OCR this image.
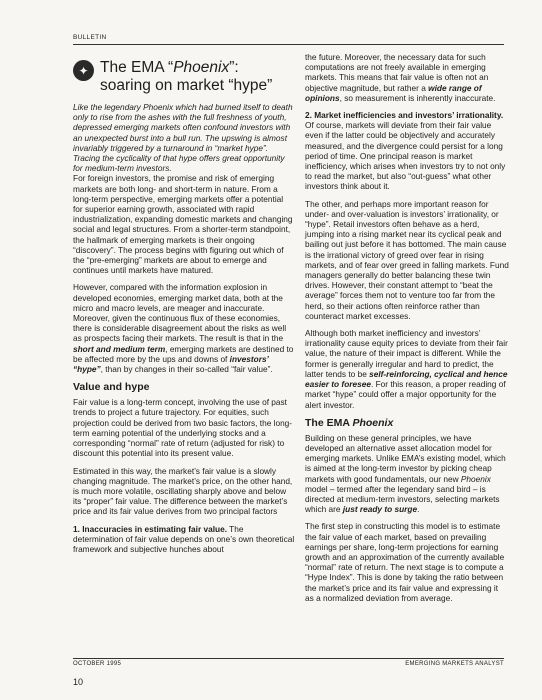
BULLETIN
✦ The EMA “Phoenix”:
soaring on market “hype”

Like the legendary Phoenix which had burned itself to death only to rise from the ashes with the full freshness of youth, depressed emerging markets often confound investors with an unexpected burst into a bull run. The upswing is almost invariably triggered by a turnaround in “market hype”. Tracing the cyclicality of that hype offers great opportunity for medium-term investors.

For foreign investors, the promise and risk of emerging markets are both long- and short-term in nature. From a long-term perspective, emerging markets offer a potential for superior earning growth, associated with rapid industrialization, expanding domestic markets and changing social and legal structures. From a shorter-term standpoint, the hallmark of emerging markets is their ongoing “discovery”. The process begins with figuring out which of the “pre-emerging” markets are about to emerge and continues until markets have matured.

However, compared with the information explosion in developed economies, emerging market data, both at the micro and macro levels, are meager and inaccurate. Moreover, given the continuous flux of these economies, there is considerable disagreement about the risks as well as prospects facing their markets. The result is that in the short and medium term, emerging markets are destined to be affected more by the ups and downs of investors’ “hype”, than by changes in their so-called “fair value”.

Value and hype

Fair value is a long-term concept, involving the use of past trends to project a future trajectory. For equities, such projection could be derived from two basic factors, the long-term earning potential of the underlying stocks and a corresponding “normal” rate of return (adjusted for risk) to discount this potential into its present value.

Estimated in this way, the market’s fair value is a slowly changing magnitude. The market’s price, on the other hand, is much more volatile, oscillating sharply above and below its “proper” fair value. The difference between the market’s price and its fair value derives from two principal factors

1. Inaccuracies in estimating fair value. The determination of fair value depends on one’s own theoretical framework and subjective hunches about

the future. Moreover, the necessary data for such computations are not freely available in emerging markets. This means that fair value is often not an objective magnitude, but rather a wide range of opinions, so measurement is inherently inaccurate.

2. Market inefficiencies and investors’ irrationality. Of course, markets will deviate from their fair value even if the latter could be objectively and accurately measured, and the divergence could persist for a long period of time. One principal reason is market inefficiency, which arises when investors try to not only to read the market, but also “out-guess” what other investors think about it.

The other, and perhaps more important reason for under- and over-valuation is investors’ irrationality, or “hype”. Retail investors often behave as a herd, jumping into a rising market near its cyclical peak and bailing out just before it has bottomed. The main cause is the irrational victory of greed over fear in rising markets, and of fear over greed in falling markets. Fund managers generally do better balancing these twin drives. However, their constant attempt to “beat the average” forces them not to venture too far from the herd, so their actions often reinforce rather than counteract market excesses.

Although both market inefficiency and investors’ irrationality cause equity prices to deviate from their fair value, the nature of their impact is different. While the former is generally irregular and hard to predict, the latter tends to be self-reinforcing, cyclical and hence easier to foresee. For this reason, a proper reading of market “hype” could offer a major opportunity for the alert investor.

The EMA Phoenix

Building on these general principles, we have developed an alternative asset allocation model for emerging markets. Unlike EMA’s existing model, which is aimed at the long-term investor by picking cheap markets with good fundamentals, our new Phoenix model – termed after the legendary sand bird – is directed at medium-term investors, selecting markets which are just ready to surge.

The first step in constructing this model is to estimate the fair value of each market, based on prevailing earnings per share, long-term projections for earning growth and an approximation of the currently available “normal” rate of return. The next stage is to compute a “Hype Index”. This is done by taking the ratio between the market’s price and its fair value and expressing it as a normalized deviation from average.

OCTOBER 1995	EMERGING MARKETS ANALYST
10
